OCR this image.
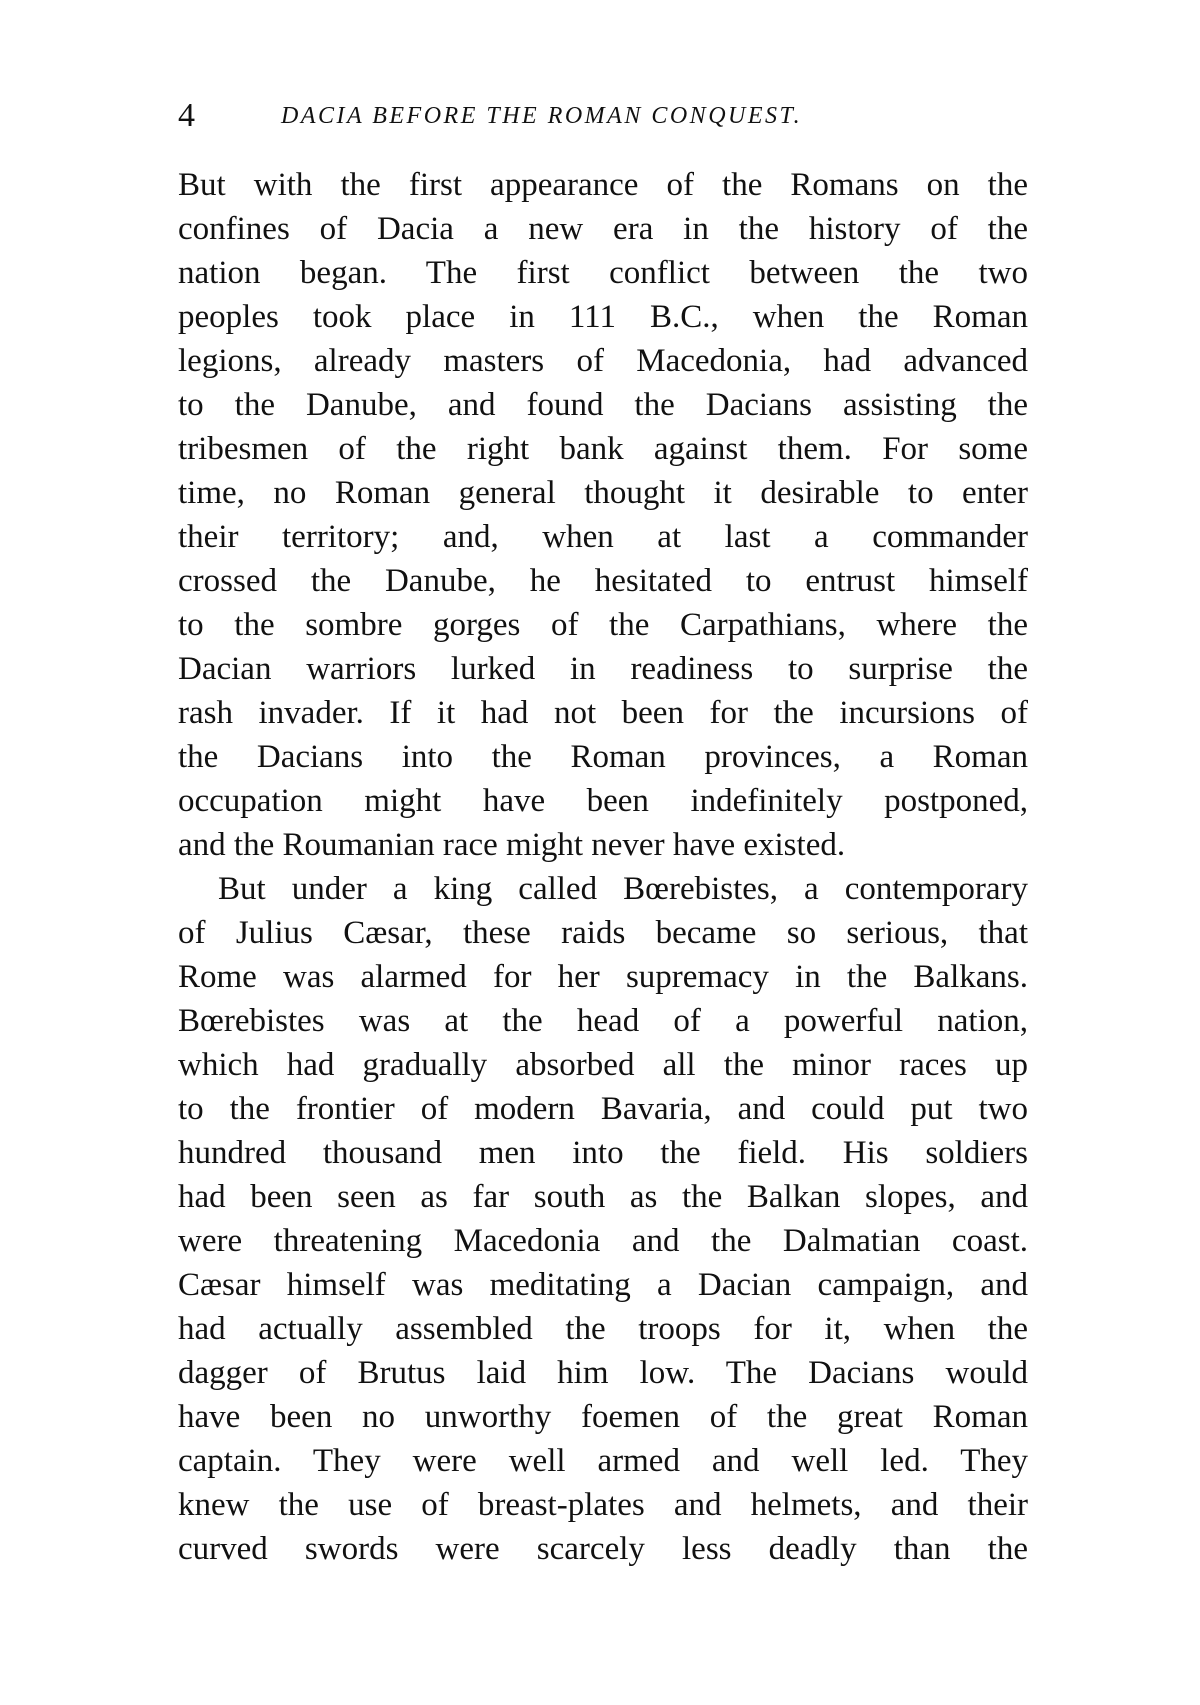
4	DACIA BEFORE THE ROMAN CONQUEST.
But with the first appearance of the Romans on the
confines of Dacia a new era in the history of the
nation began. The first conflict between the two
peoples took place in 111 B.C., when the Roman
legions, already masters of Macedonia, had advanced
to the Danube, and found the Dacians assisting the
tribesmen of the right bank against them. For some
time, no Roman general thought it desirable to enter
their territory; and, when at last a commander
crossed the Danube, he hesitated to entrust himself
to the sombre gorges of the Carpathians, where the
Dacian warriors lurked in readiness to surprise the
rash invader. If it had not been for the incursions of
the Dacians into the Roman provinces, a Roman
occupation might have been indefinitely postponed,
and the Roumanian race might never have existed.
But under a king called Bœrebistes, a contemporary
of Julius Cæsar, these raids became so serious, that
Rome was alarmed for her supremacy in the Balkans.
Bœrebistes was at the head of a powerful nation,
which had gradually absorbed all the minor races up
to the frontier of modern Bavaria, and could put two
hundred thousand men into the field. His soldiers
had been seen as far south as the Balkan slopes, and
were threatening Macedonia and the Dalmatian coast.
Cæsar himself was meditating a Dacian campaign, and
had actually assembled the troops for it, when the
dagger of Brutus laid him low. The Dacians would
have been no unworthy foemen of the great Roman
captain. They were well armed and well led. They
knew the use of breast-plates and helmets, and their
curved swords were scarcely less deadly than the
